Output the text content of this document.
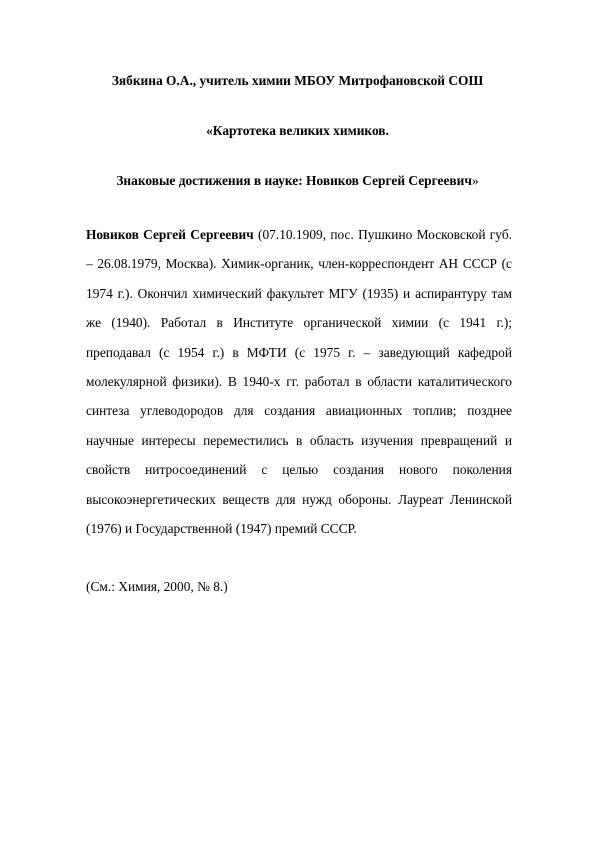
Зябкина О.А., учитель химии МБОУ Митрофановской СОШ
«Картотека великих химиков.
Знаковые достижения в науке: Новиков Сергей Сергеевич»
Новиков Сергей Сергеевич (07.10.1909, пос. Пушкино Московской губ. – 26.08.1979, Москва). Химик-органик, член-корреспондент АН СССР (с 1974 г.). Окончил химический факультет МГУ (1935) и аспирантуру там же (1940). Работал в Институте органической химии (с 1941 г.); преподавал (с 1954 г.) в МФТИ (с 1975 г. – заведующий кафедрой молекулярной физики). В 1940-х гг. работал в области каталитического синтеза углеводородов для создания авиационных топлив; позднее научные интересы переместились в область изучения превращений и свойств нитросоединений с целью создания нового поколения высокоэнергетических веществ для нужд обороны. Лауреат Ленинской (1976) и Государственной (1947) премий СССР.
(См.: Химия, 2000, № 8.)
